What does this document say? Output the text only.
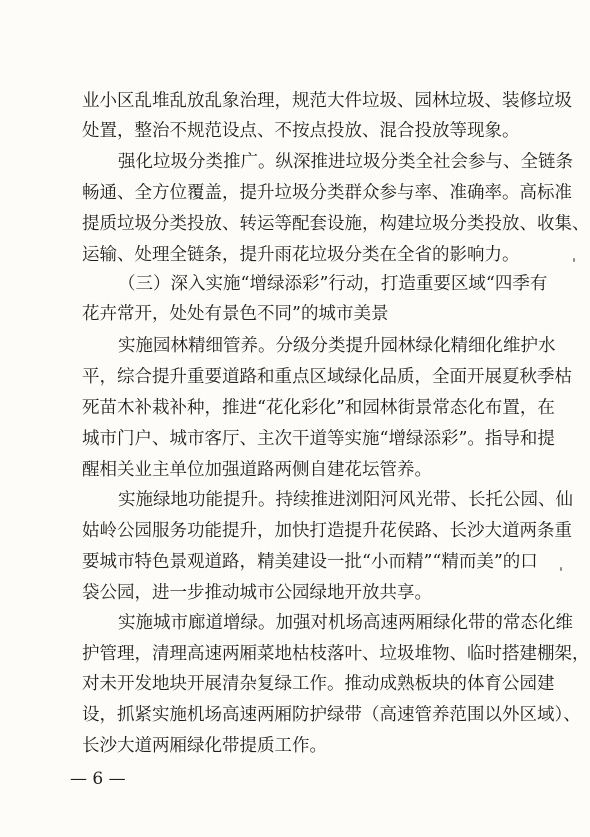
业小区乱堆乱放乱象治理，规范大件垃圾、园林垃圾、装修垃圾
处置，整治不规范设点、不按点投放、混合投放等现象。
强化垃圾分类推广。纵深推进垃圾分类全社会参与、全链条
畅通、全方位覆盖，提升垃圾分类群众参与率、准确率。高标准
提质垃圾分类投放、转运等配套设施，构建垃圾分类投放、收集、
运输、处理全链条，提升雨花垃圾分类在全省的影响力。
（三）深入实施“增绿添彩”行动，打造重要区域“四季有
花卉常开，处处有景色不同”的城市美景
实施园林精细管养。分级分类提升园林绿化精细化维护水
平，综合提升重要道路和重点区域绿化品质，全面开展夏秋季枯
死苗木补栽补种，推进“花化彩化”和园林街景常态化布置，在
城市门户、城市客厅、主次干道等实施“增绿添彩”。指导和提
醒相关业主单位加强道路两侧自建花坛管养。
实施绿地功能提升。持续推进浏阳河风光带、长托公园、仙
姑岭公园服务功能提升，加快打造提升花侯路、长沙大道两条重
要城市特色景观道路，精美建设一批“小而精”“精而美”的口
袋公园，进一步推动城市公园绿地开放共享。
实施城市廊道增绿。加强对机场高速两厢绿化带的常态化维
护管理，清理高速两厢菜地枯枝落叶、垃圾堆物、临时搭建棚架，
对未开发地块开展清杂复绿工作。推动成熟板块的体育公园建
设，抓紧实施机场高速两厢防护绿带（高速管养范围以外区域）、
长沙大道两厢绿化带提质工作。
— 6 —
